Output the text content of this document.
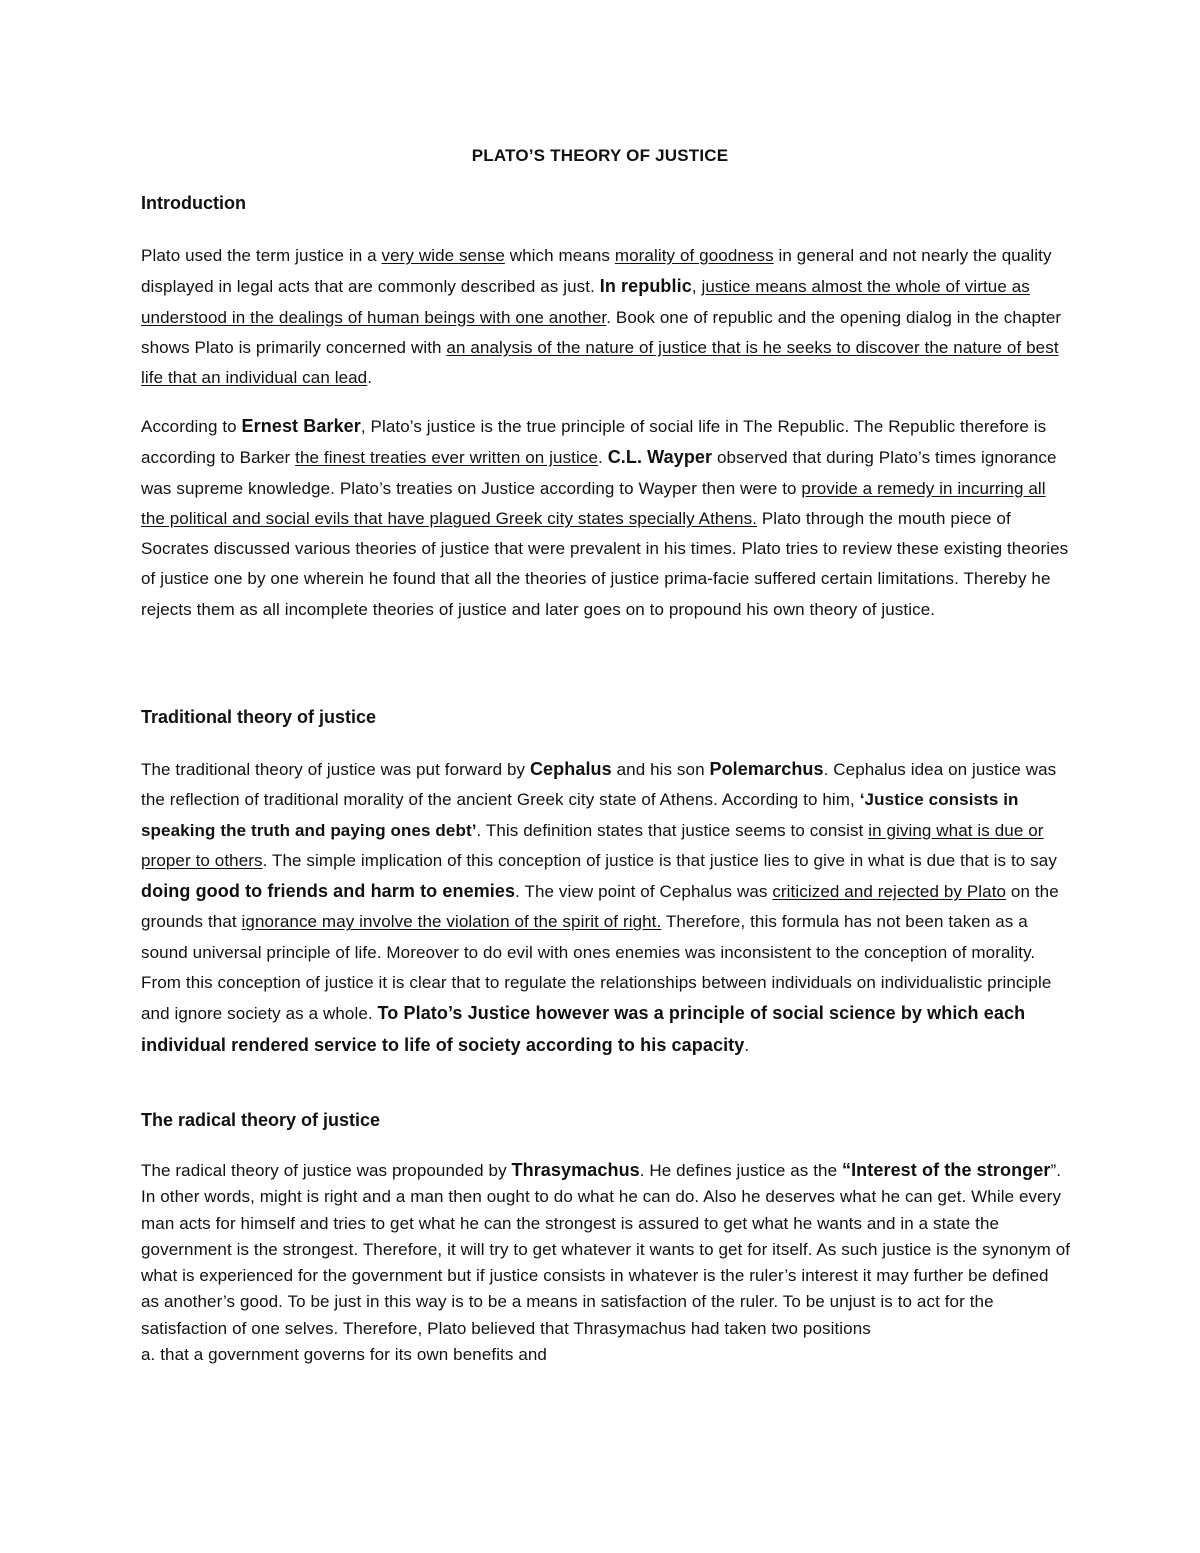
PLATO’S THEORY OF JUSTICE
Introduction

Plato used the term justice in a very wide sense which means morality of goodness in general and not nearly the quality displayed in legal acts that are commonly described as just. In republic, justice means almost the whole of virtue as understood in the dealings of human beings with one another. Book one of republic and the opening dialog in the chapter shows Plato is primarily concerned with an analysis of the nature of justice that is he seeks to discover the nature of best life that an individual can lead.

According to Ernest Barker, Plato’s justice is the true principle of social life in The Republic. The Republic therefore is according to Barker the finest treaties ever written on justice. C.L. Wayper observed that during Plato’s times ignorance was supreme knowledge. Plato’s treaties on Justice according to Wayper then were to provide a remedy in incurring all the political and social evils that have plagued Greek city states specially Athens. Plato through the mouth piece of Socrates discussed various theories of justice that were prevalent in his times. Plato tries to review these existing theories of justice one by one wherein he found that all the theories of justice prima-facie suffered certain limitations. Thereby he rejects them as all incomplete theories of justice and later goes on to propound his own theory of justice.

Traditional theory of justice

The traditional theory of justice was put forward by Cephalus and his son Polemarchus. Cephalus idea on justice was the reflection of traditional morality of the ancient Greek city state of Athens. According to him, ‘Justice consists in speaking the truth and paying ones debt’. This definition states that justice seems to consist in giving what is due or proper to others. The simple implication of this conception of justice is that justice lies to give in what is due that is to say doing good to friends and harm to enemies. The view point of Cephalus was criticized and rejected by Plato on the grounds that ignorance may involve the violation of the spirit of right. Therefore, this formula has not been taken as a sound universal principle of life. Moreover to do evil with ones enemies was inconsistent to the conception of morality. From this conception of justice it is clear that to regulate the relationships between individuals on individualistic principle and ignore society as a whole. To Plato’s Justice however was a principle of social science by which each individual rendered service to life of society according to his capacity.

The radical theory of justice

The radical theory of justice was propounded by Thrasymachus. He defines justice as the “Interest of the stronger”. In other words, might is right and a man then ought to do what he can do. Also he deserves what he can get. While every man acts for himself and tries to get what he can the strongest is assured to get what he wants and in a state the government is the strongest. Therefore, it will try to get whatever it wants to get for itself. As such justice is the synonym of what is experienced for the government but if justice consists in whatever is the ruler’s interest it may further be defined as another’s good. To be just in this way is to be a means in satisfaction of the ruler. To be unjust is to act for the satisfaction of one selves. Therefore, Plato believed that Thrasymachus had taken two positions
a. that a government governs for its own benefits and
